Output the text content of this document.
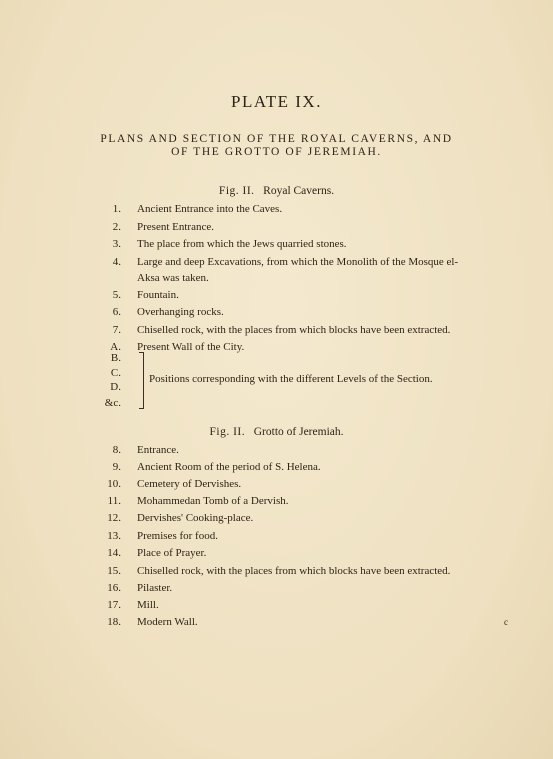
PLATE IX.
PLANS AND SECTION OF THE ROYAL CAVERNS, AND
OF THE GROTTO OF JEREMIAH.
Fig. II. Royal Caverns.
1. Ancient Entrance into the Caves.
2. Present Entrance.
3. The place from which the Jews quarried stones.
4. Large and deep Excavations, from which the Monolith of the Mosque el-Aksa was taken.
5. Fountain.
6. Overhanging rocks.
7. Chiselled rock, with the places from which blocks have been extracted.
A. Present Wall of the City.
B.
C.
D.
&c.
Positions corresponding with the different Levels of the Section.
Fig. II. Grotto of Jeremiah.
8. Entrance.
9. Ancient Room of the period of S. Helena.
10. Cemetery of Dervishes.
11. Mohammedan Tomb of a Dervish.
12. Dervishes' Cooking-place.
13. Premises for food.
14. Place of Prayer.
15. Chiselled rock, with the places from which blocks have been extracted.
16. Pilaster.
17. Mill.
18. Modern Wall.	c
